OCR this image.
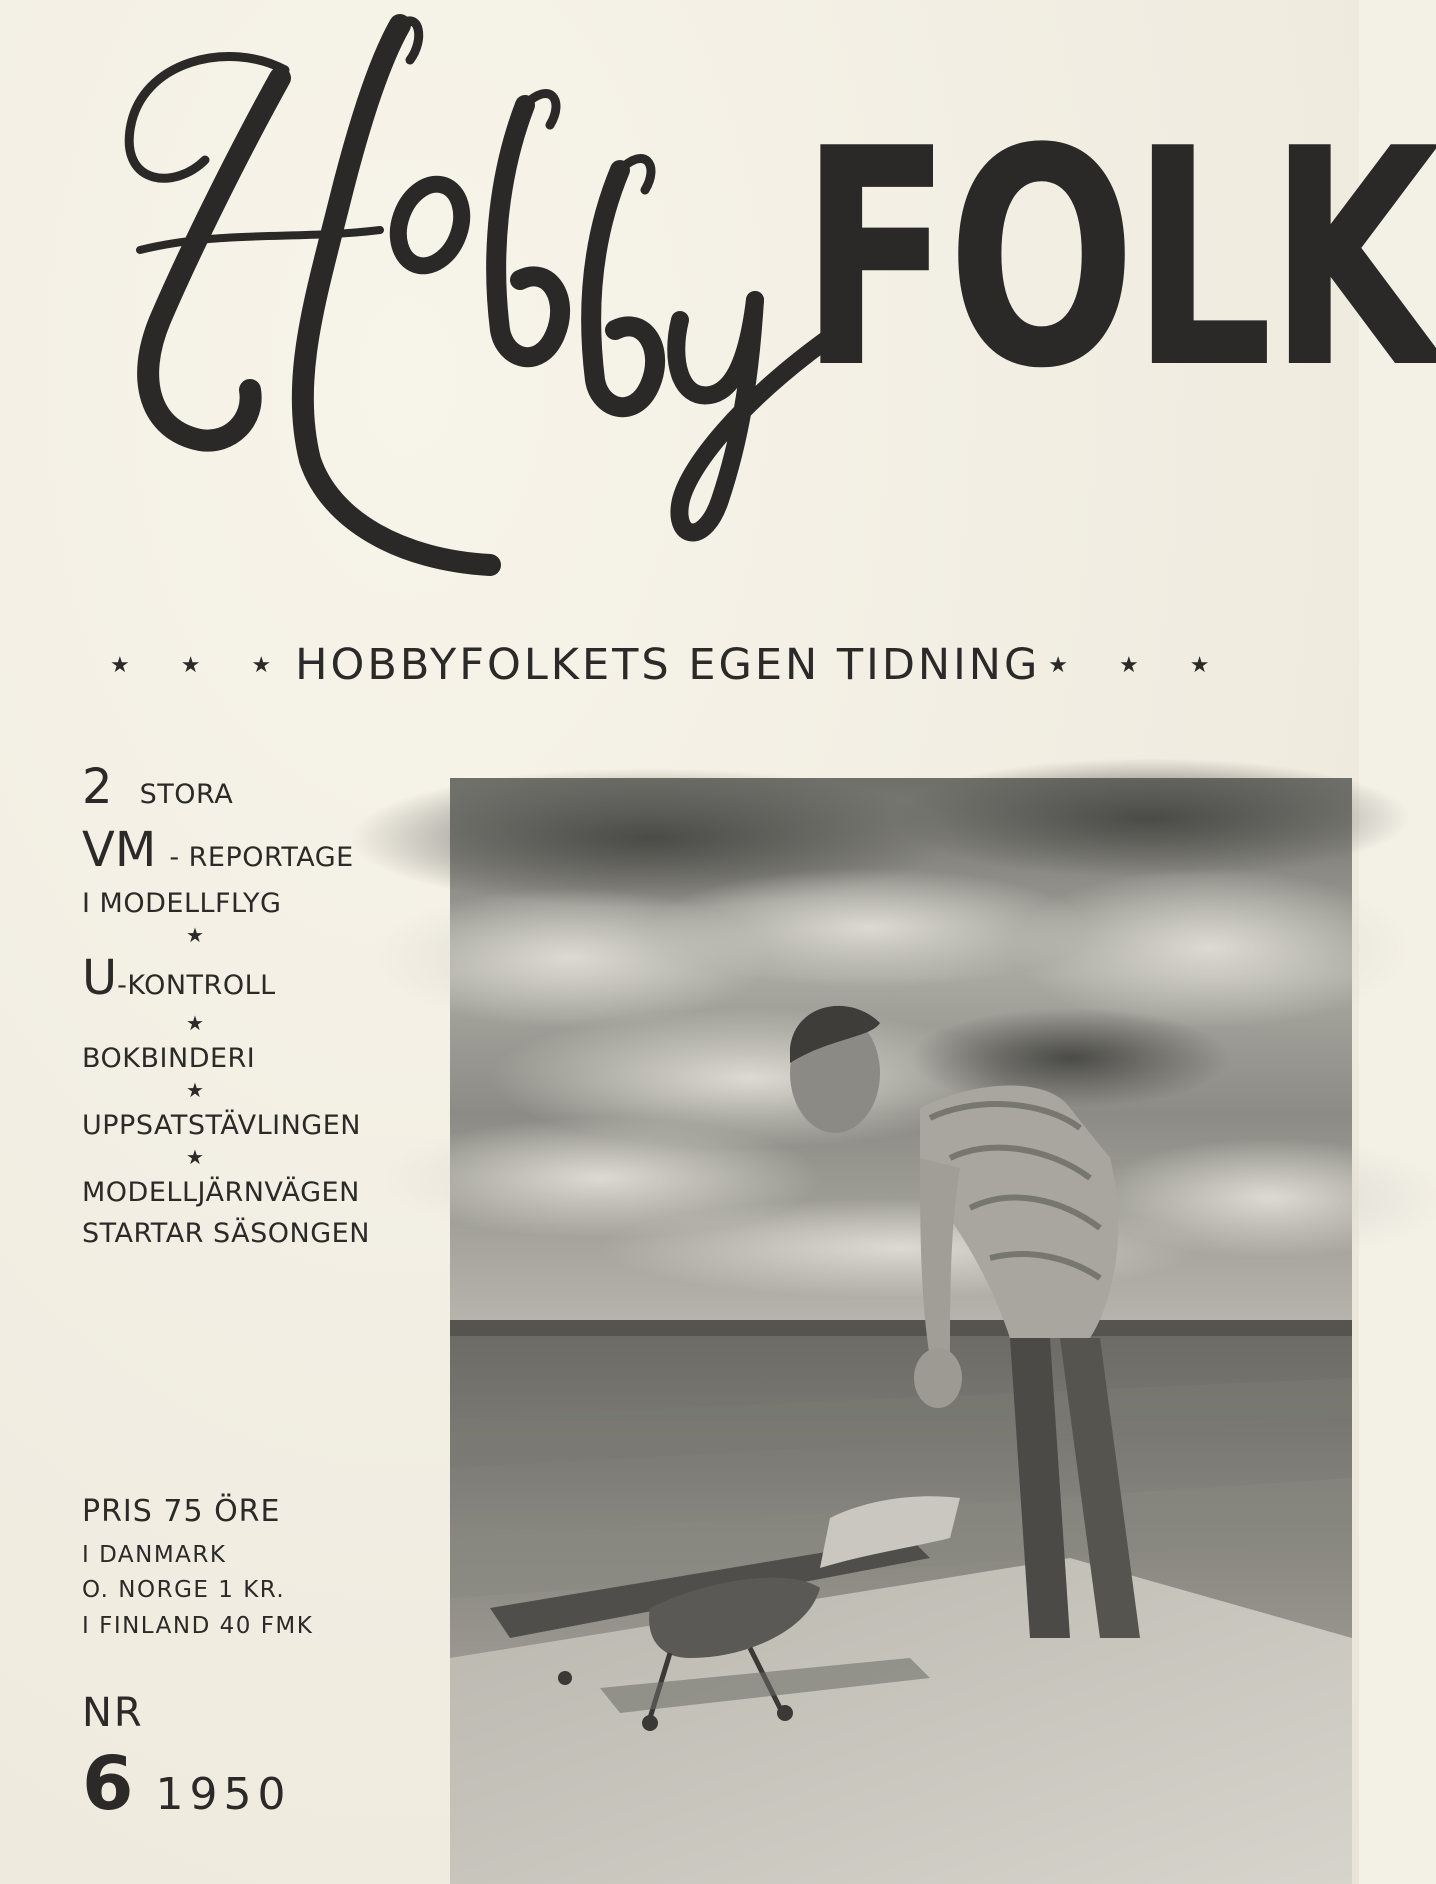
FOLK
★ ★ ★ HOBBYFOLKETS EGEN TIDNING ★ ★ ★
2 STORA
VM - REPORTAGE
I MODELLFLYG
★
U-KONTROLL
★
BOKBINDERI
★
UPPSATSTÄVLINGEN
★
MODELLJÄRNVÄGEN
STARTAR SÄSONGEN
PRIS 75 ÖRE
I DANMARK
O. NORGE 1 KR.
I FINLAND 40 FMK
NR
6 1950
